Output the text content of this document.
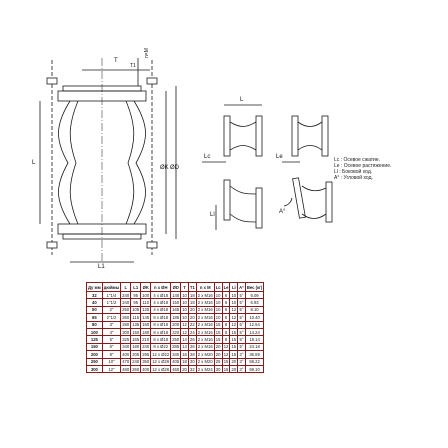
T
T1
n×M
L
ØK ØD
L1
L
Lc	Le
Ll	A°
Lc : Осевое сжатие.
Le : Осевое растяжение.
Ll : Боковой ход.
A° : Угловой ход.
Ду мм	дюймы	L	L1	ØK	n x ØH	ØD	T	T1	n x M	Lc	Le	Ll	A°	Вес (кг)
32	1"1/4	240	95	100	4 x Ø18	140	10	18	2 x M16	10	6	10	5°	6.09
40	1"1/2	240	95	110	4 x Ø18	150	10	18	2 x M16	10	6	10	5°	6.93
50	2"	250	105	125	4 x Ø18	165	10	20	2 x M16	10	6	12	5°	8.10
65	2"1/2	260	115	145	8 x Ø18	185	10	20	2 x M16	10	6	12	5°	10.40
80	3"	280	135	160	8 x Ø18	200	12	22	2 x M16	15	8	12	5°	12.54
100	4"	300	150	180	8 x Ø18	220	12	24	2 x M16	15	8	15	5°	14.24
125	5"	325	165	210	8 x Ø18	250	14	26	2 x M16	15	8	15	5°	18.14
150	6"	340	180	240	8 x Ø22	285	14	26	2 x M16	20	12	15	5°	24.18
200	8"	400	205	295	12 x Ø22	340	16	28	2 x M20	20	12	15	3°	36.59
250	10"	470	240	350	12 x Ø26	405	18	30	2 x M20	25	15	20	3°	58.22
300	12"	480	260	400	12 x Ø26	460	20	32	2 x M24	30	15	20	3°	69.10
